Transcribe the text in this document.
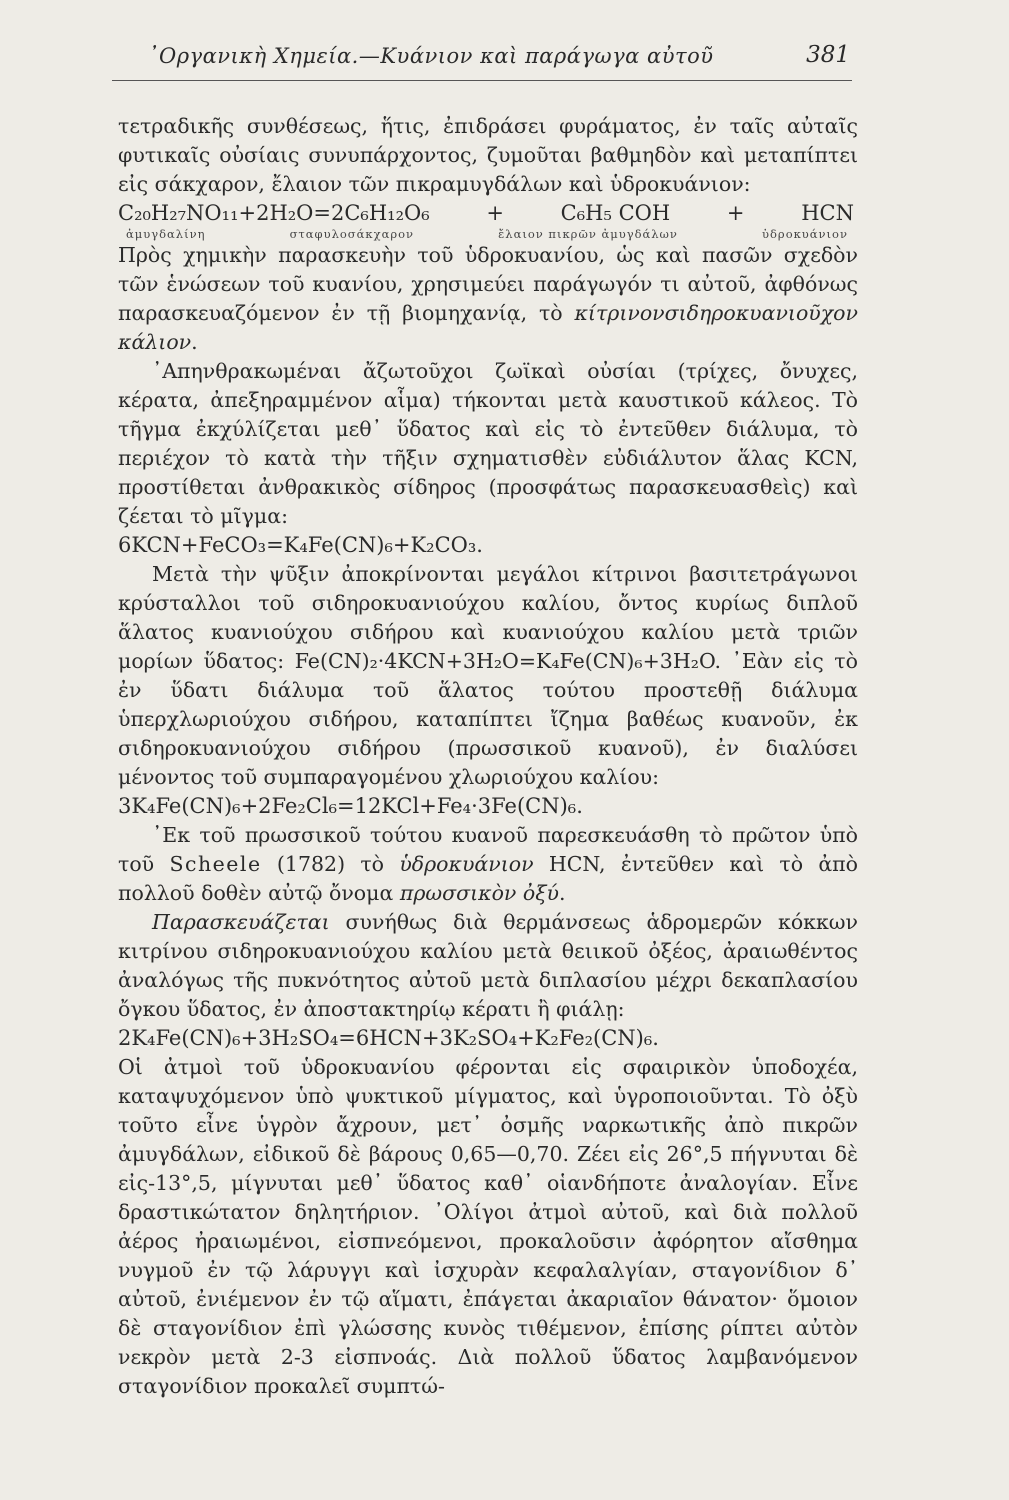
᾿Οργανικὴ Χημεία.—Κυάνιον καὶ παράγωγα αὐτοῦ	381

τετραδικῆς συνθέσεως, ἥτις, ἐπιδράσει φυράματος, ἐν ταῖς αὐταῖς φυτικαῖς οὐσίαις συνυπάρχοντος, ζυμοῦται βαθμηδὸν καὶ μεταπίπτει εἰς σάκχαρον, ἔλαιον τῶν πικραμυγδάλων καὶ ὑδροκυάνιον:

C₂₀H₂₇NO₁₁+2H₂O=2C₆H₁₂O₆	+	C₆H₅ COH	+	HCN
ἀμυγδαλίνη	σταφυλοσάκχαρον	ἔλαιον πικρῶν ἀμυγδάλων	ὑδροκυάνιον

Πρὸς χημικὴν παρασκευὴν τοῦ ὑδροκυανίου, ὡς καὶ πασῶν σχεδὸν τῶν ἑνώσεων τοῦ κυανίου, χρησιμεύει παράγωγόν τι αὐτοῦ, ἀφθόνως παρασκευαζόμενον ἐν τῇ βιομηχανίᾳ, τὸ κίτρινονσιδηροκυανιοῦχον κάλιον.

᾿Απηνθρακωμέναι ἄζωτοῦχοι ζωϊκαὶ οὐσίαι (τρίχες, ὄνυχες, κέρατα, ἀπεξηραμμένον αἷμα) τήκονται μετὰ καυστικοῦ κάλεος. Τὸ τῆγμα ἐκχύλίζεται μεθ᾿ ὕδατος καὶ εἰς τὸ ἐντεῦθεν διάλυμα, τὸ περιέχον τὸ κατὰ τὴν τῆξιν σχηματισθὲν εὐδιάλυτον ἅλας KCN, προστίθεται ἀνθρακικὸς σίδηρος (προσφάτως παρασκευασθεὶς) καὶ ζέεται τὸ μῖγμα:

6KCN+FeCO₃=K₄Fe(CN)₆+K₂CO₃.

Μετὰ τὴν ψῦξιν ἀποκρίνονται μεγάλοι κίτρινοι βασιτετράγωνοι κρύσταλλοι τοῦ σιδηροκυανιούχου καλίου, ὄντος κυρίως διπλοῦ ἅλατος κυανιούχου σιδήρου καὶ κυανιούχου καλίου μετὰ τριῶν μορίων ὕδατος: Fe(CN)₂·4KCN+3H₂O=K₄Fe(CN)₆+3H₂O. ᾿Εὰν εἰς τὸ ἐν ὕδατι διάλυμα τοῦ ἅλατος τούτου προστεθῇ διάλυμα ὑπερχλωριούχου σιδήρου, καταπίπτει ἴζημα βαθέως κυανοῦν, ἐκ σιδηροκυανιούχου σιδήρου (πρωσσικοῦ κυανοῦ), ἐν διαλύσει μένοντος τοῦ συμπαραγομένου χλωριούχου καλίου:

3K₄Fe(CN)₆+2Fe₂Cl₆=12KCl+Fe₄·3Fe(CN)₆.

᾿Εκ τοῦ πρωσσικοῦ τούτου κυανοῦ παρεσκευάσθη τὸ πρῶτον ὑπὸ τοῦ Scheele (1782) τὸ ὑδροκυάνιον HCN, ἐντεῦθεν καὶ τὸ ἀπὸ πολλοῦ δοθὲν αὐτῷ ὄνομα πρωσσικὸν ὀξύ.

Παρασκευάζεται συνήθως διὰ θερμάνσεως ἁδρομερῶν κόκκων κιτρίνου σιδηροκυανιούχου καλίου μετὰ θειικοῦ ὀξέος, ἀραιωθέντος ἀναλόγως τῆς πυκνότητος αὐτοῦ μετὰ διπλασίου μέχρι δεκαπλασίου ὄγκου ὕδατος, ἐν ἀποστακτηρίῳ κέρατι ἢ φιάλῃ:

2K₄Fe(CN)₆+3H₂SO₄=6HCN+3K₂SO₄+K₂Fe₂(CN)₆.

Οἱ ἀτμοὶ τοῦ ὑδροκυανίου φέρονται εἰς σφαιρικὸν ὑποδοχέα, καταψυχόμενον ὑπὸ ψυκτικοῦ μίγματος, καὶ ὑγροποιοῦνται. Τὸ ὀξὺ τοῦτο εἶνε ὑγρὸν ἄχρουν, μετ᾿ ὀσμῆς ναρκωτικῆς ἀπὸ πικρῶν ἀμυγδάλων, εἰδικοῦ δὲ βάρους 0,65—0,70. Ζέει εἰς 26°,5 πήγνυται δὲ εἰς-13°,5, μίγνυται μεθ᾿ ὕδατος καθ᾿ οἱανδήποτε ἀναλογίαν. Εἶνε δραστικώτατον δηλητήριον. ᾿Ολίγοι ἀτμοὶ αὐτοῦ, καὶ διὰ πολλοῦ ἀέρος ἠραιωμένοι, εἰσπνεόμενοι, προκαλοῦσιν ἀφόρητον αἴσθημα νυγμοῦ ἐν τῷ λάρυγγι καὶ ἰσχυρὰν κεφαλαλγίαν, σταγονίδιον δ᾿ αὐτοῦ, ἐνιέμενον ἐν τῷ αἵματι, ἐπάγεται ἀκαριαῖον θάνατον· ὅμοιον δὲ σταγονίδιον ἐπὶ γλώσσης κυνὸς τιθέμενον, ἐπίσης ρίπτει αὐτὸν νεκρὸν μετὰ 2-3 εἰσπνοάς. Διὰ πολλοῦ ὕδατος λαμβανόμενον σταγονίδιον προκαλεῖ συμπτώ-
